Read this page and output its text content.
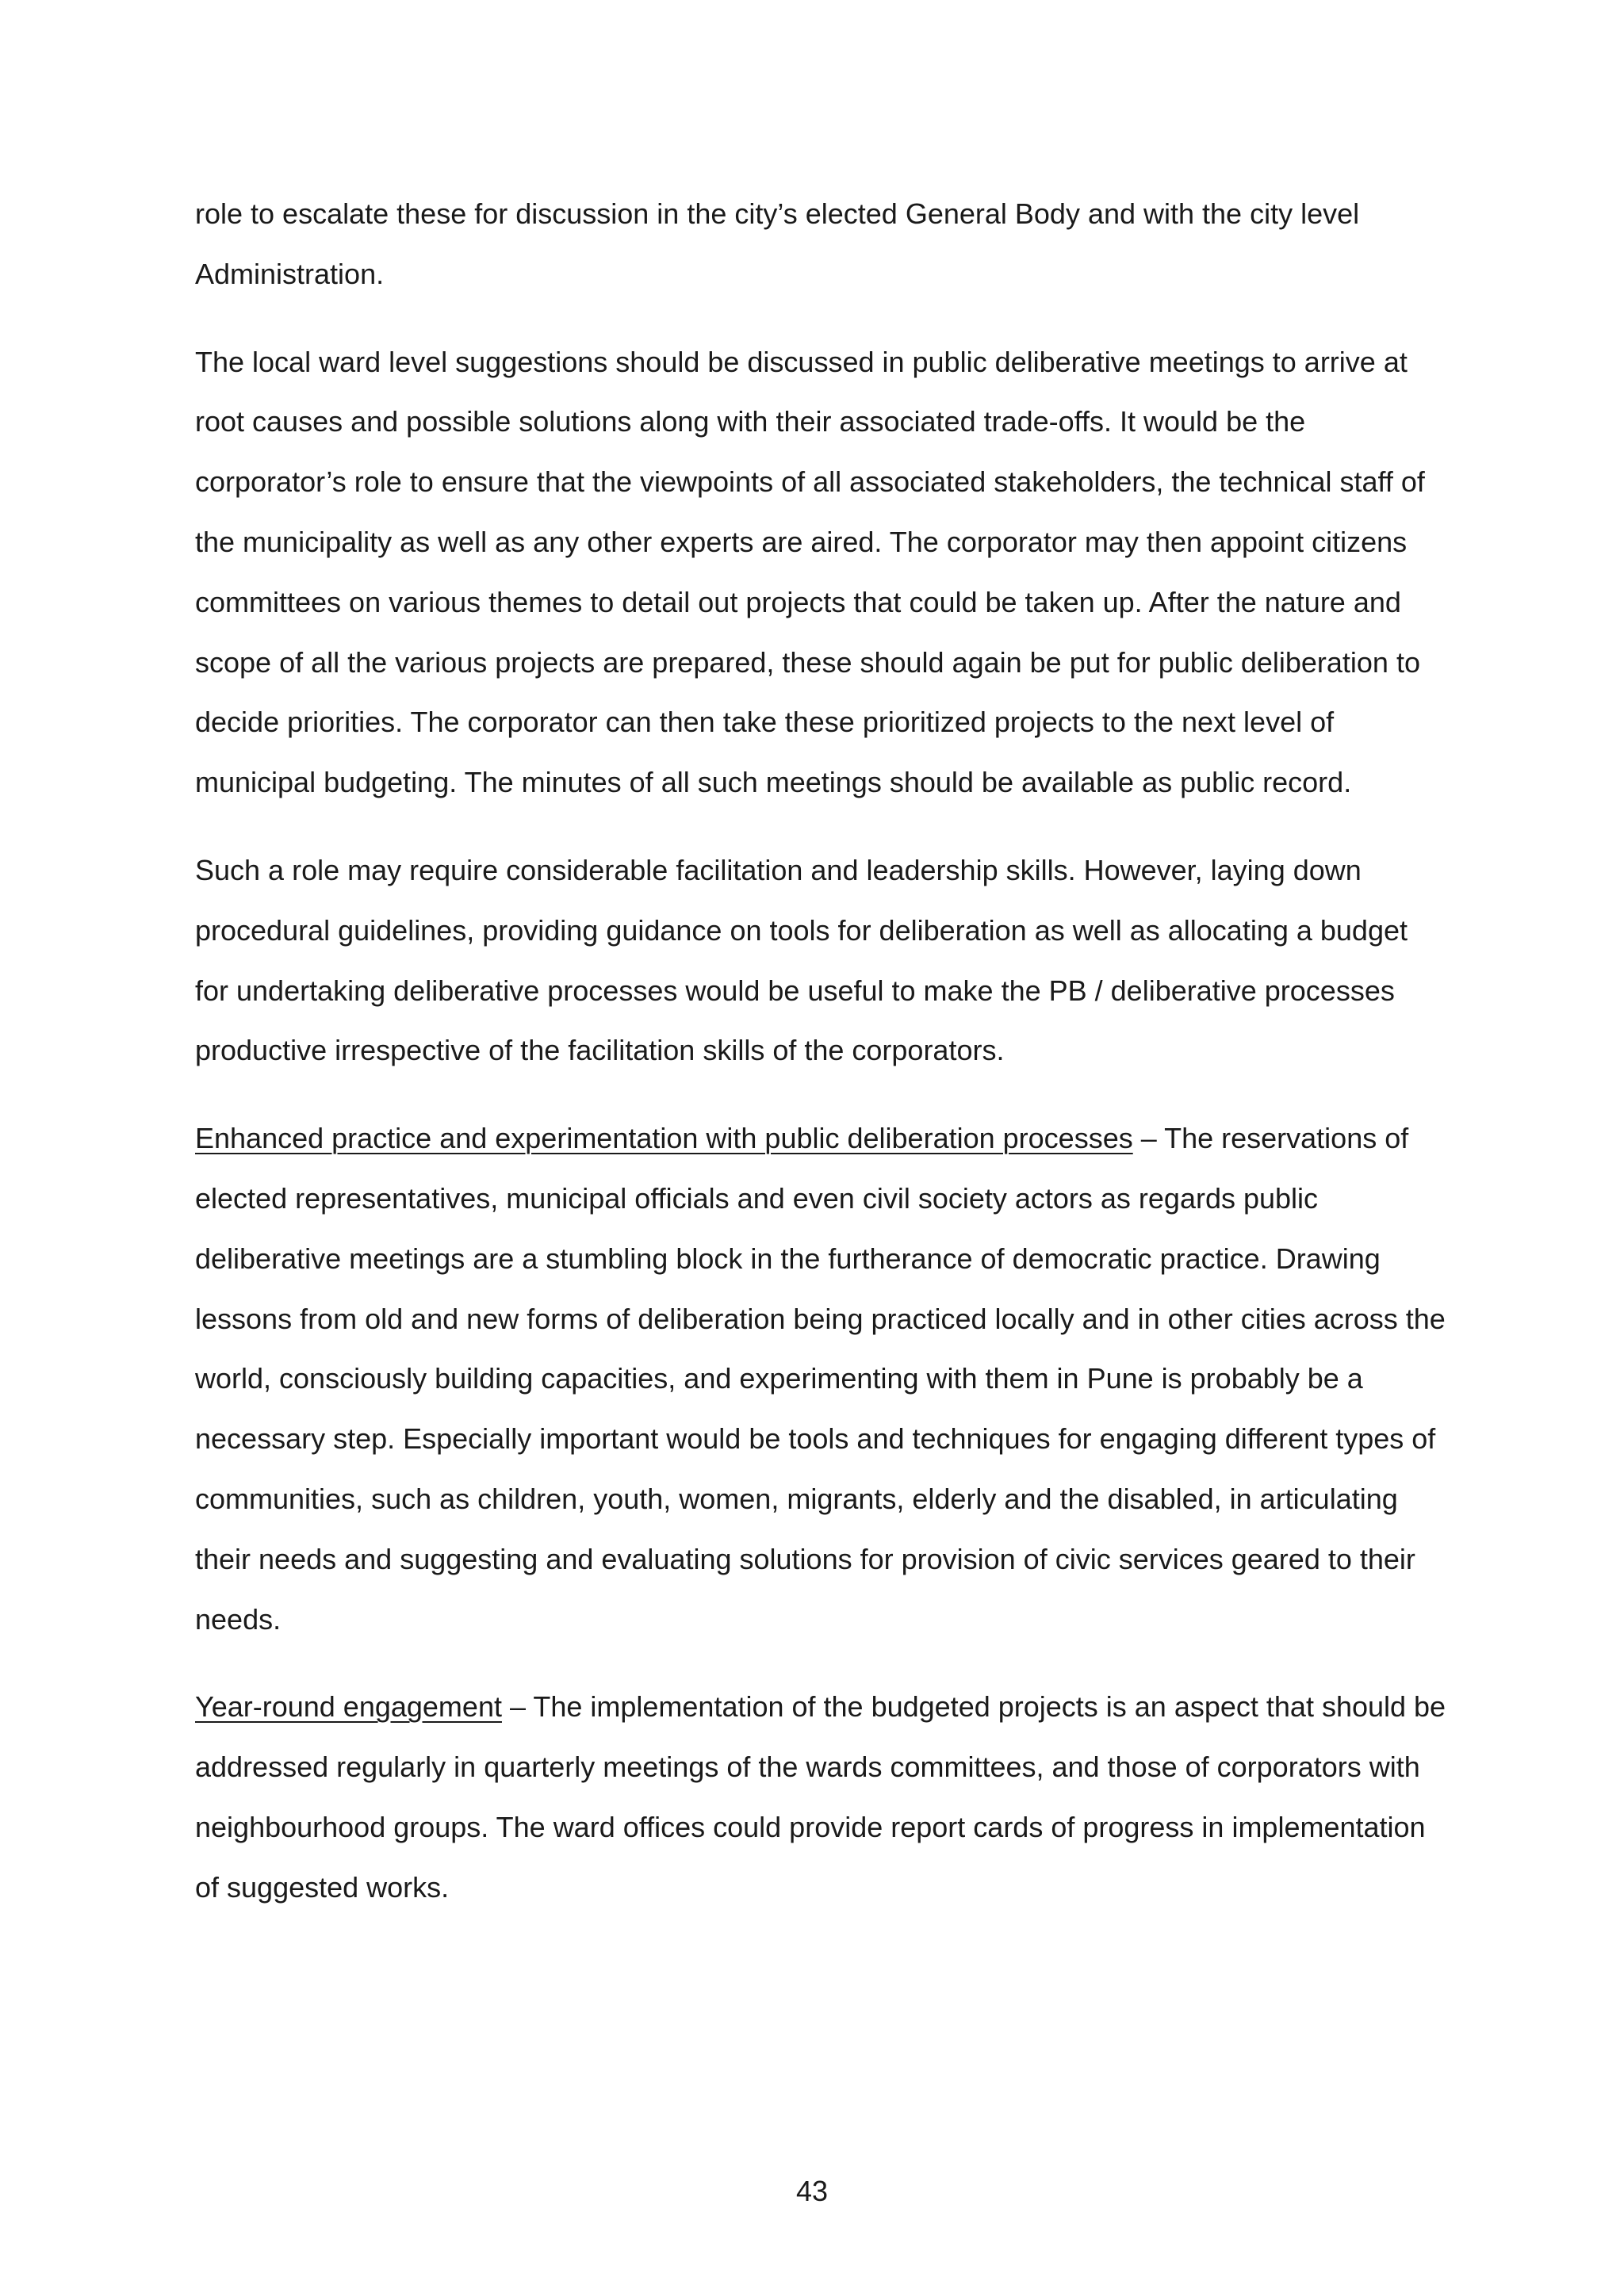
role to escalate these for discussion in the city’s elected General Body and with the city level Administration.

The local ward level suggestions should be discussed in public deliberative meetings to arrive at root causes and possible solutions along with their associated trade-offs. It would be the corporator’s role to ensure that the viewpoints of all associated stakeholders, the technical staff of the municipality as well as any other experts are aired. The corporator may then appoint citizens committees on various themes to detail out projects that could be taken up. After the nature and scope of all the various projects are prepared, these should again be put for public deliberation to decide priorities. The corporator can then take these prioritized projects to the next level of municipal budgeting. The minutes of all such meetings should be available as public record.

Such a role may require considerable facilitation and leadership skills. However, laying down procedural guidelines, providing guidance on tools for deliberation as well as allocating a budget for undertaking deliberative processes would be useful to make the PB / deliberative processes productive irrespective of the facilitation skills of the corporators.

Enhanced practice and experimentation with public deliberation processes – The reservations of elected representatives, municipal officials and even civil society actors as regards public deliberative meetings are a stumbling block in the furtherance of democratic practice. Drawing lessons from old and new forms of deliberation being practiced locally and in other cities across the world, consciously building capacities, and experimenting with them in Pune is probably be a necessary step. Especially important would be tools and techniques for engaging different types of communities, such as children, youth, women, migrants, elderly and the disabled, in articulating their needs and suggesting and evaluating solutions for provision of civic services geared to their needs.

Year-round engagement – The implementation of the budgeted projects is an aspect that should be addressed regularly in quarterly meetings of the wards committees, and those of corporators with neighbourhood groups. The ward offices could provide report cards of progress in implementation of suggested works.

43
